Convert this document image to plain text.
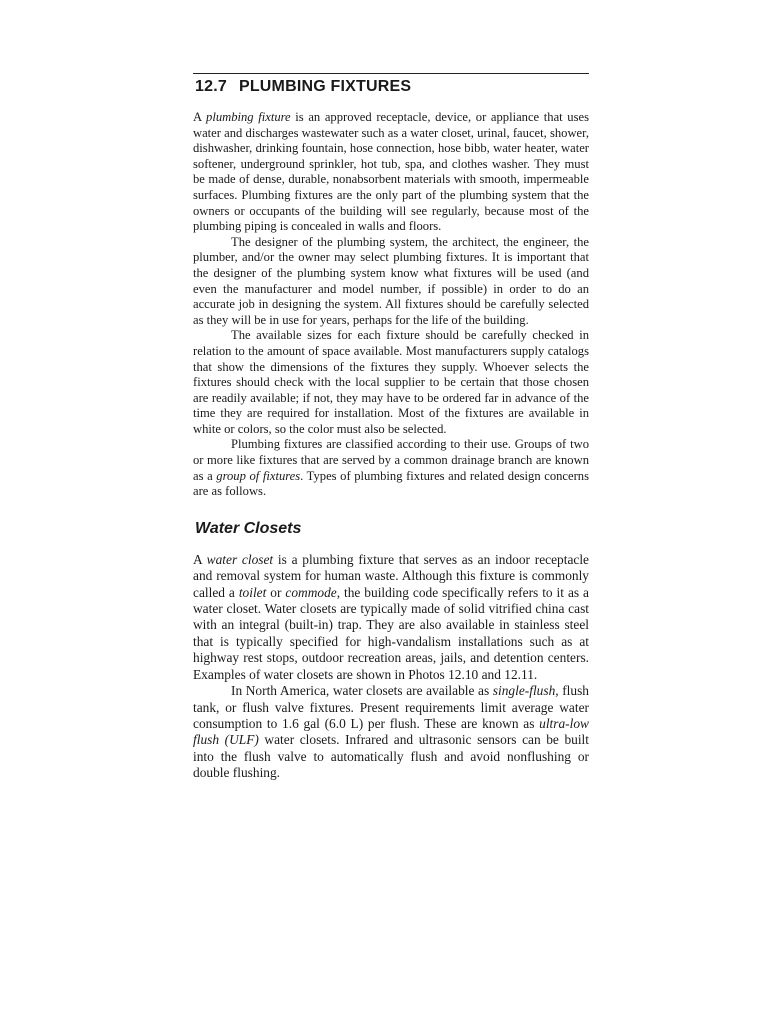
12.7 PLUMBING FIXTURES

A plumbing fixture is an approved receptacle, device, or appliance that uses water and discharges wastewater such as a water closet, urinal, faucet, shower, dishwasher, drinking fountain, hose connection, hose bibb, water heater, water softener, underground sprinkler, hot tub, spa, and clothes washer. They must be made of dense, durable, nonabsorbent materials with smooth, impermeable surfaces. Plumbing fixtures are the only part of the plumbing system that the owners or occupants of the building will see regularly, because most of the plumbing piping is concealed in walls and floors.

The designer of the plumbing system, the architect, the engineer, the plumber, and/or the owner may select plumbing fixtures. It is important that the designer of the plumbing system know what fixtures will be used (and even the manufacturer and model number, if possible) in order to do an accurate job in designing the system. All fixtures should be carefully selected as they will be in use for years, perhaps for the life of the building.

The available sizes for each fixture should be carefully checked in relation to the amount of space available. Most manufacturers supply catalogs that show the dimensions of the fixtures they supply. Whoever selects the fixtures should check with the local supplier to be certain that those chosen are readily available; if not, they may have to be ordered far in advance of the time they are required for installation. Most of the fixtures are available in white or colors, so the color must also be selected.

Plumbing fixtures are classified according to their use. Groups of two or more like fixtures that are served by a common drainage branch are known as a group of fixtures. Types of plumbing fixtures and related design concerns are as follows.

Water Closets

A water closet is a plumbing fixture that serves as an indoor receptacle and removal system for human waste. Although this fixture is commonly called a toilet or commode, the building code specifically refers to it as a water closet. Water closets are typically made of solid vitrified china cast with an integral (built-in) trap. They are also available in stainless steel that is typically specified for high-vandalism installations such as at highway rest stops, outdoor recreation areas, jails, and detention centers. Examples of water closets are shown in Photos 12.10 and 12.11.

In North America, water closets are available as single-flush, flush tank, or flush valve fixtures. Present requirements limit average water consumption to 1.6 gal (6.0 L) per flush. These are known as ultra-low flush (ULF) water closets. Infrared and ultrasonic sensors can be built into the flush valve to automatically flush and avoid nonflushing or double flushing.
